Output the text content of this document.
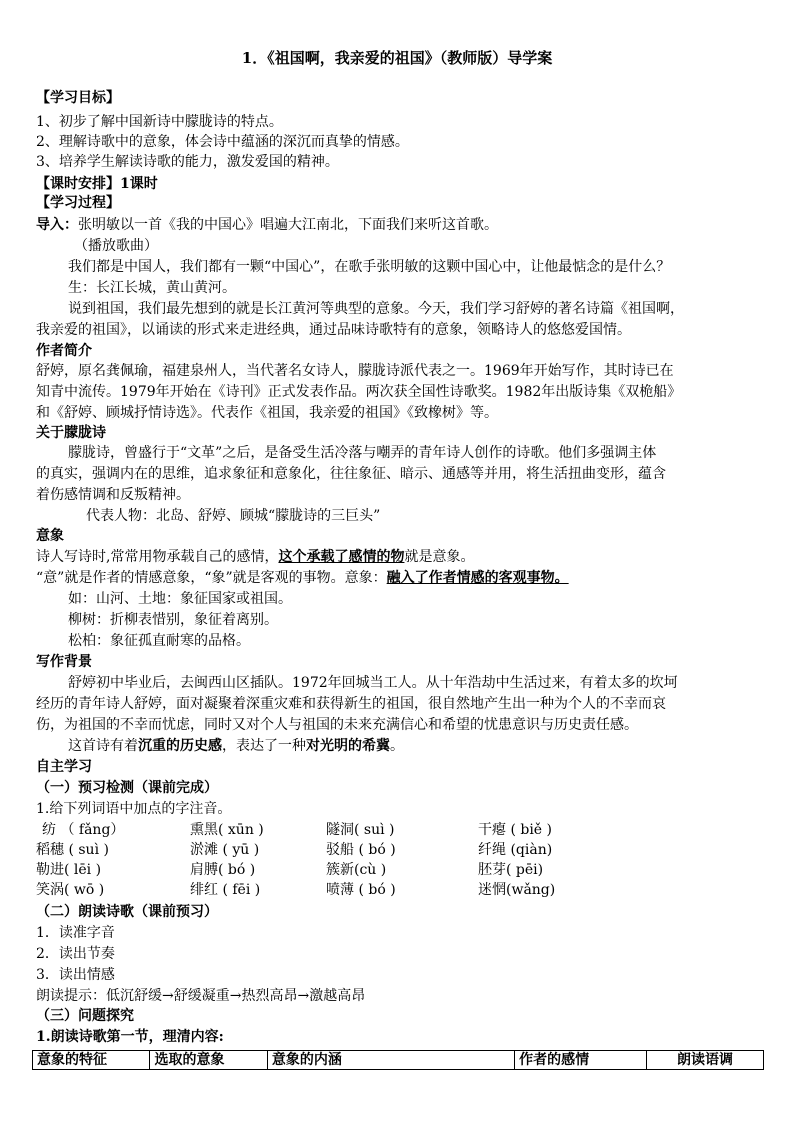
1．《祖国啊，我亲爱的祖国》（教师版）导学案
【学习目标】
1、初步了解中国新诗中朦胧诗的特点。
2、理解诗歌中的意象，体会诗中蕴涵的深沉而真挚的情感。
3、培养学生解读诗歌的能力，激发爱国的精神。
【课时安排】1课时
【学习过程】
导入：张明敏以一首《我的中国心》唱遍大江南北，下面我们来听这首歌。
（播放歌曲）
我们都是中国人，我们都有一颗“中国心”，在歌手张明敏的这颗中国心中，让他最惦念的是什么？
生：长江长城，黄山黄河。
说到祖国，我们最先想到的就是长江黄河等典型的意象。今天，我们学习舒婷的著名诗篇《祖国啊，
我亲爱的祖国》，以诵读的形式来走进经典，通过品味诗歌特有的意象，领略诗人的悠悠爱国情。
作者简介
舒婷，原名龚佩瑜，福建泉州人，当代著名女诗人，朦胧诗派代表之一。1969年开始写作，其时诗已在
知青中流传。1979年开始在《诗刊》正式发表作品。两次获全国性诗歌奖。1982年出版诗集《双桅船》
和《舒婷、顾城抒情诗选》。代表作《祖国，我亲爱的祖国》《致橡树》等。
关于朦胧诗
朦胧诗，曾盛行于“文革”之后，是备受生活冷落与嘲弄的青年诗人创作的诗歌。他们多强调主体
的真实，强调内在的思维，追求象征和意象化，往往象征、暗示、通感等并用，将生活扭曲变形，蕴含
着伤感情调和反叛精神。
代表人物：北岛、舒婷、顾城“朦胧诗的三巨头”
意象
诗人写诗时,常常用物承载自己的感情，这个承载了感情的物就是意象。
“意”就是作者的情感意象，“象”就是客观的事物。意象：融入了作者情感的客观事物。
如：山河、土地：象征国家或祖国。
柳树：折柳表惜别，象征着离别。
松柏：象征孤直耐寒的品格。
写作背景
舒婷初中毕业后，去闽西山区插队。1972年回城当工人。从十年浩劫中生活过来，有着太多的坎坷
经历的青年诗人舒婷，面对凝聚着深重灾难和获得新生的祖国，很自然地产生出一种为个人的不幸而哀
伤，为祖国的不幸而忧虑，同时又对个人与祖国的未来充满信心和希望的忧患意识与历史责任感。
这首诗有着沉重的历史感，表达了一种对光明的希冀。
自主学习
（一）预习检测（课前完成）
1.给下列词语中加点的字注音。
纺 （ fǎng）	熏黑( xūn )	隧洞( suì )	干瘪 ( biě )
稻穗 ( suì )	淤滩 ( yū )	驳船 ( bó )	纤绳 (qiàn)
勒进( lēi )	肩膊( bó )	簇新(cù )	胚芽( pēi)
笑涡( wō )	绯红 ( fēi )	喷薄 ( bó )	迷惘(wǎng)
（二）朗读诗歌（课前预习）
1．读准字音
2．读出节奏
3．读出情感
朗读提示：低沉舒缓→舒缓凝重→热烈高昂→激越高昂
（三）问题探究
1.朗读诗歌第一节，理清内容:
意象的特征	选取的意象	意象的内涵	作者的感情	朗读语调
